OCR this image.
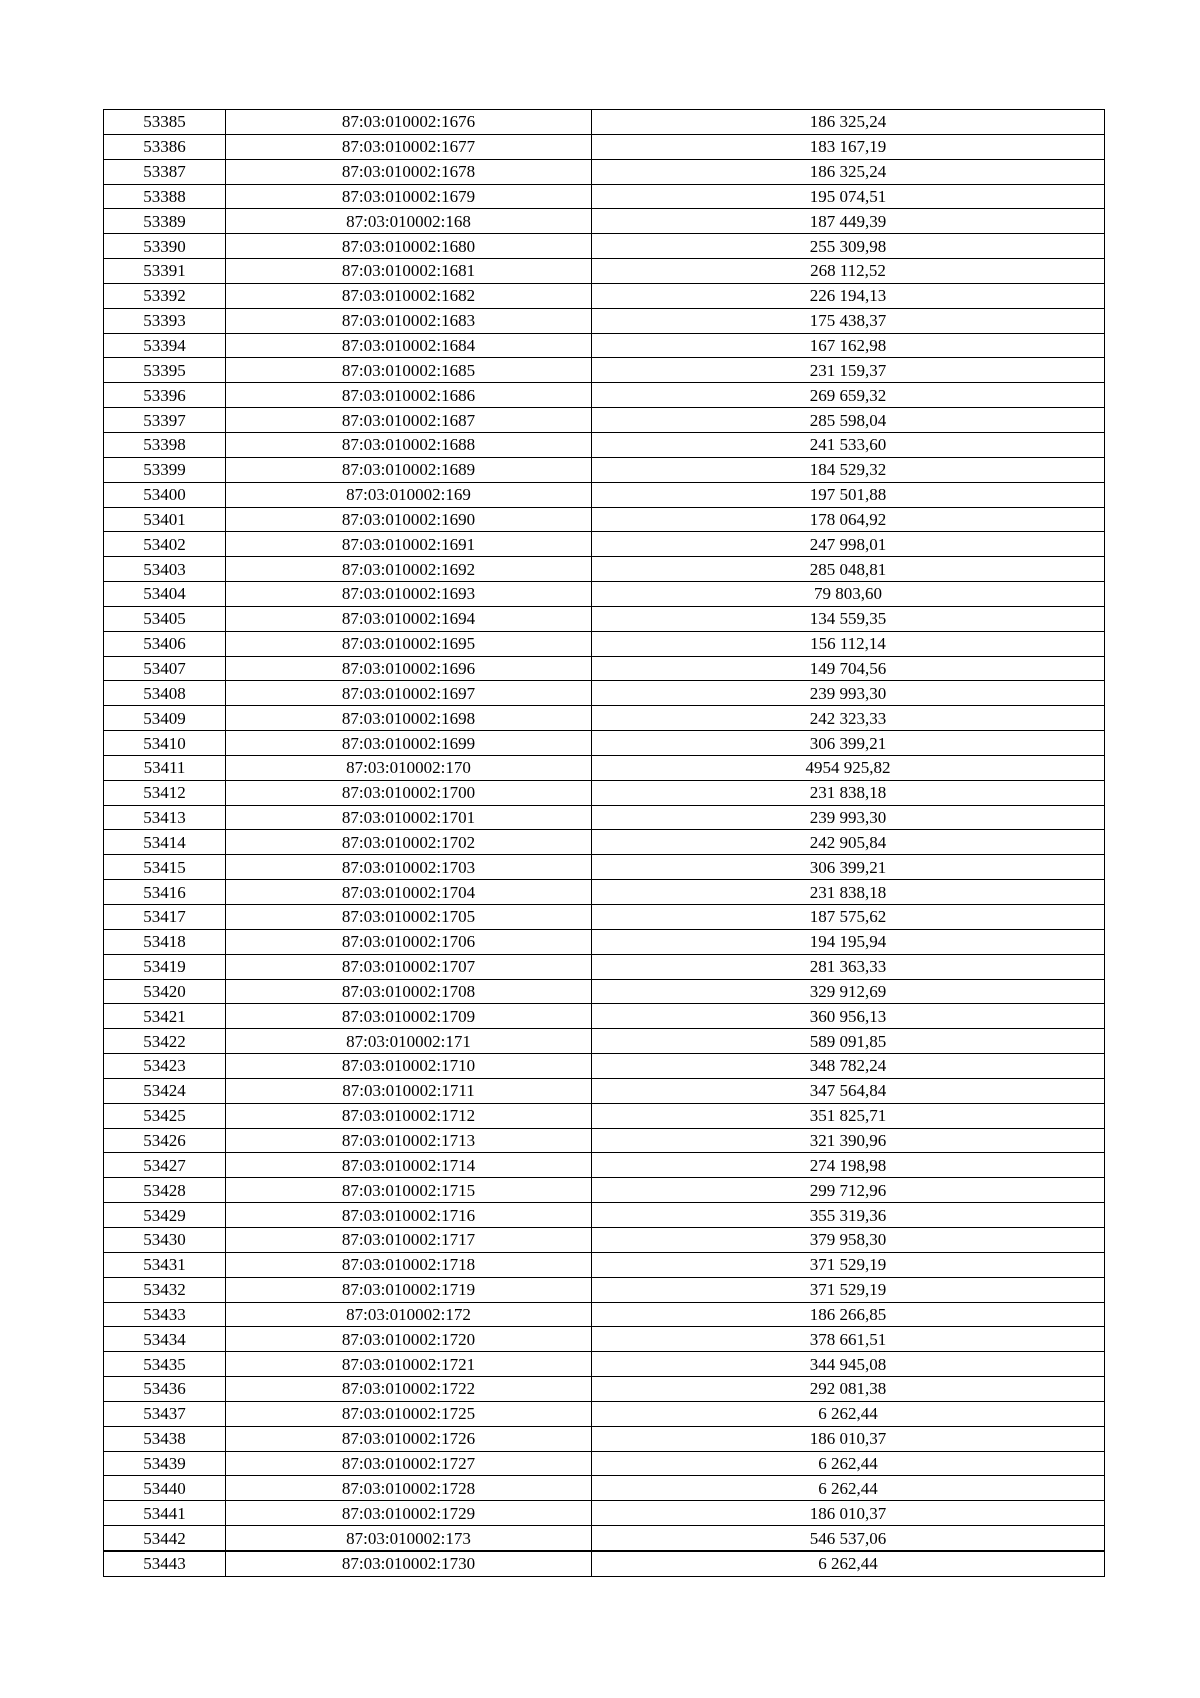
53385	87:03:010002:1676	186 325,24
53386	87:03:010002:1677	183 167,19
53387	87:03:010002:1678	186 325,24
53388	87:03:010002:1679	195 074,51
53389	87:03:010002:168	187 449,39
53390	87:03:010002:1680	255 309,98
53391	87:03:010002:1681	268 112,52
53392	87:03:010002:1682	226 194,13
53393	87:03:010002:1683	175 438,37
53394	87:03:010002:1684	167 162,98
53395	87:03:010002:1685	231 159,37
53396	87:03:010002:1686	269 659,32
53397	87:03:010002:1687	285 598,04
53398	87:03:010002:1688	241 533,60
53399	87:03:010002:1689	184 529,32
53400	87:03:010002:169	197 501,88
53401	87:03:010002:1690	178 064,92
53402	87:03:010002:1691	247 998,01
53403	87:03:010002:1692	285 048,81
53404	87:03:010002:1693	79 803,60
53405	87:03:010002:1694	134 559,35
53406	87:03:010002:1695	156 112,14
53407	87:03:010002:1696	149 704,56
53408	87:03:010002:1697	239 993,30
53409	87:03:010002:1698	242 323,33
53410	87:03:010002:1699	306 399,21
53411	87:03:010002:170	4954 925,82
53412	87:03:010002:1700	231 838,18
53413	87:03:010002:1701	239 993,30
53414	87:03:010002:1702	242 905,84
53415	87:03:010002:1703	306 399,21
53416	87:03:010002:1704	231 838,18
53417	87:03:010002:1705	187 575,62
53418	87:03:010002:1706	194 195,94
53419	87:03:010002:1707	281 363,33
53420	87:03:010002:1708	329 912,69
53421	87:03:010002:1709	360 956,13
53422	87:03:010002:171	589 091,85
53423	87:03:010002:1710	348 782,24
53424	87:03:010002:1711	347 564,84
53425	87:03:010002:1712	351 825,71
53426	87:03:010002:1713	321 390,96
53427	87:03:010002:1714	274 198,98
53428	87:03:010002:1715	299 712,96
53429	87:03:010002:1716	355 319,36
53430	87:03:010002:1717	379 958,30
53431	87:03:010002:1718	371 529,19
53432	87:03:010002:1719	371 529,19
53433	87:03:010002:172	186 266,85
53434	87:03:010002:1720	378 661,51
53435	87:03:010002:1721	344 945,08
53436	87:03:010002:1722	292 081,38
53437	87:03:010002:1725	6 262,44
53438	87:03:010002:1726	186 010,37
53439	87:03:010002:1727	6 262,44
53440	87:03:010002:1728	6 262,44
53441	87:03:010002:1729	186 010,37
53442	87:03:010002:173	546 537,06
53443	87:03:010002:1730	6 262,44
